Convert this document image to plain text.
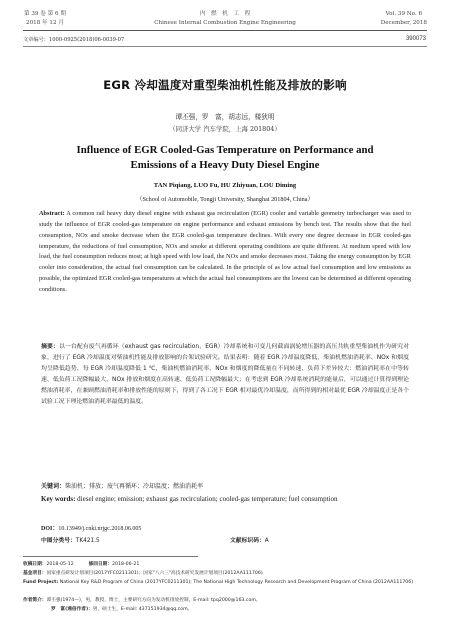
第 39 卷 第 6 期
2018 年 12 月
内　燃　机　工　程
Chinese Internal Combustion Engine Engineering
Vol. 39 No. 6
December, 2018
文章编号：1000-0925(2018)06-0039-07	390073
EGR 冷却温度对重型柴油机性能及排放的影响
谭丕强，罗　富，胡志远，楼狄明
（同济大学 汽车学院，上海 201804）
Influence of EGR Cooled-Gas Temperature on Performance and Emissions of a Heavy Duty Diesel Engine
TAN Piqiang, LUO Fu, HU Zhiyuan, LOU Diming
（School of Automobile, Tongji University, Shanghai 201804, China）
Abstract: A common rail heavy duty diesel engine with exhaust gas recirculation (EGR) cooler and variable geometry turbocharger was used to study the influence of EGR cooled-gas temperature on engine performance and exhaust emissions by bench test. The results show that the fuel consumption, NOx and smoke decrease when the EGR cooled-gas temperature declines. With every one degree decrease in EGR cooled-gas temperature, the reductions of fuel consumption, NOx and smoke at different operating conditions are quite different. At medium speed with low load, the fuel consumption reduces most; at high speed with low load, the NOx and smoke decreases most. Taking the energy consumption by EGR cooler into consideration, the actual fuel consumption can be calculated. In the principle of as low actual fuel consumption and low emissions as possible, the optimized EGR cooled-gas temperatures at which the actual fuel consumptions are the lowest can be determined at different operating conditions.
摘要：以一台配有废气再循环（exhaust gas recirculation，EGR）冷却系统和可变几何截面涡轮增压器的高压共轨重型柴油机作为研究对象，进行了 EGR 冷却温度对柴油机性能及排放影响的台架试验研究。结果表明：随着 EGR 冷却温度降低，柴油机燃油消耗率、NOx 和烟度均呈降低趋势，每 EGR 冷却温度降低 1 ℃，柴油机燃油消耗率、NOx 和烟度的降低量在不同转速、负荷下差异较大：燃油消耗率在中等转速、低负荷工况降幅最大，NOx 排放和烟度在高转速、低负荷工况降幅最大；在考虑到 EGR 冷却系统消耗的能量后，可以通过计算得到理论燃油消耗率，在兼顾燃油消耗率和排放性能的原则下，得到了各工况下 EGR 相对最优冷却温度，而所得到的相对最优 EGR 冷却温度正是各个试验工况下理论燃油消耗率最低的温度。
关键词：柴油机；排放；废气再循环；冷却温度；燃油消耗率
Key words: diesel engine; emission; exhaust gas recirculation; cooled-gas temperature; fuel consumption
DOI：10.13949/j.cnki.nrjgc.2018.06.005
中图分类号：TK421.5	文献标识码：A
收稿日期：2018-05-12	修回日期：2018-06-21
基金项目：国家重点研发计划项目(2017YFC0211301)；国家"八六三"高技术研究发展计划项目(2012AA111706)
Fund Project: National Key R&D Program of China (2017YFC0211301); The National High Technology Research and Development Program of China (2012AA111706)
作者简介：谭丕强(1974—)，男，教授，博士，主要研究方向为发动机排放控制，E-mail: tpq2000@163.com。
罗　富(通信作者)：男，硕士生，E-mail: 437151934@qq.com。
